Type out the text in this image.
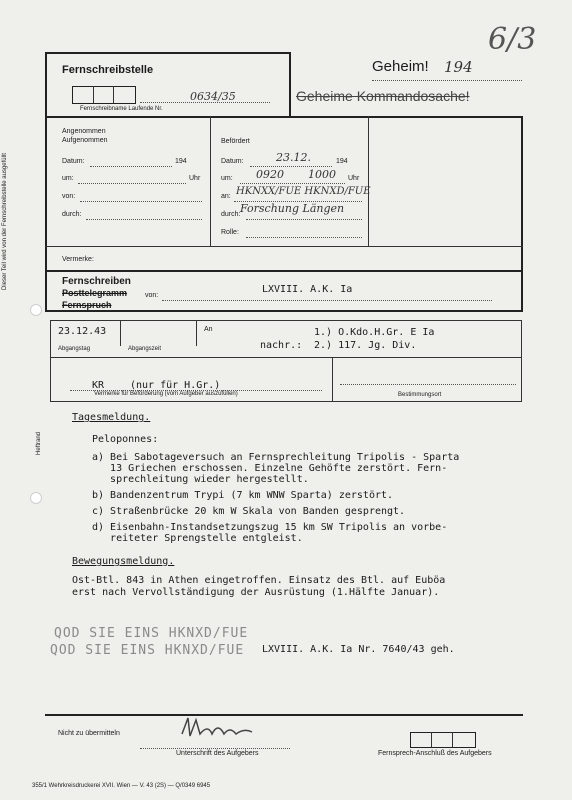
6/3
Dieser Teil wird von der Fernschreibstelle ausgefüllt
Heftrand
Fernschreibstelle
0634/35
Fernschreibname Laufende Nr.
Geheim! 194
Geheime Kommandosache!
Angenommen
Aufgenommen
Datum:	194
um:	Uhr
von:
durch:
Befördert
Datum:	23.12.	194
um: 0920 1000 Uhr
an: HKNXX/FUE HKNXD/FUE
durch: Forschung Längen
Rolle:
Vermerke:
Fernschreiben
Posttelegramm
Fernspruch
von:
LXVIII. A.K. Ia
23.12.43
Abgangstag	Abgangszeit
An	1.) O.Kdo.H.Gr. E Ia
nachr.: 2.) 117. Jg. Div.
KR	(nur für H.Gr.)
Vermerke für Beförderung (vom Aufgeber auszufüllen)	Bestimmungsort
Tagesmeldung.
Peloponnes:
a) Bei Sabotageversuch an Fernsprechleitung Tripolis - Sparta
13 Griechen erschossen. Einzelne Gehöfte zerstört. Fern-
sprechleitung wieder hergestellt.
b) Bandenzentrum Trypi (7 km WNW Sparta) zerstört.
c) Straßenbrücke 20 km W Skala von Banden gesprengt.
d) Eisenbahn-Instandsetzungszug 15 km SW Tripolis an vorbe-
reiteter Sprengstelle entgleist.
Bewegungsmeldung.
Ost-Btl. 843 in Athen eingetroffen. Einsatz des Btl. auf Euböa
erst nach Vervollständigung der Ausrüstung (1.Hälfte Januar).
QOD SIE EINS HKNXD/FUE
QOD SIE EINS HKNXD/FUE LXVIII. A.K. Ia Nr. 7640/43 geh.
Nicht zu übermitteln
Unterschrift des Aufgebers	Fernsprech-Anschluß des Aufgebers
355/1 Wehrkreisdruckerei XVII. Wien — V. 43 (2S) — Q/0349 6945
